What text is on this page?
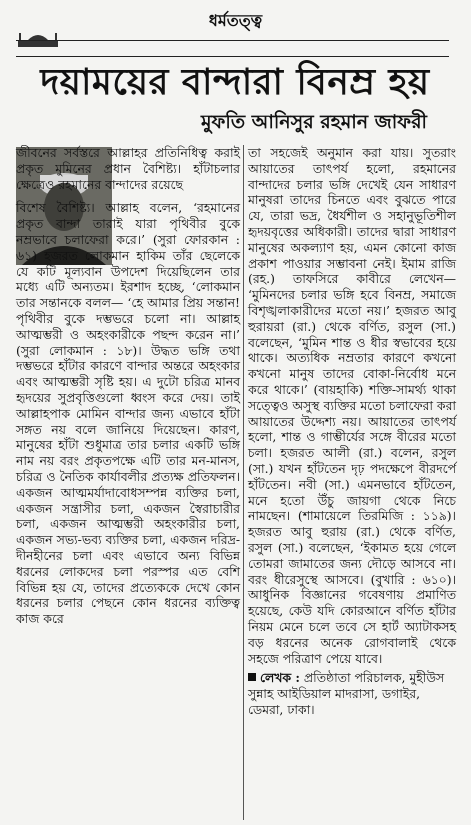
ধর্মতত্ত্ব
দয়াময়ের বান্দারা বিনম্র হয়
মুফতি আনিসুর রহমান জাফরী

জীবনের সর্বস্তরে আল্লাহর প্রতিনিধিত্ব করাই প্রকৃত মুমিনের প্রধান বৈশিষ্ট্য। হাঁটাচলার ক্ষেত্রেও রহমানের বান্দাদের রয়েছে

বিশেষ বৈশিষ্ট্য। আল্লাহ বলেন, ‘রহমানের প্রকৃত বান্দা তারাই যারা পৃথিবীর বুকে নম্রভাবে চলাফেরা করে।’ (সুরা ফোরকান : ৬১) হজরত লোকমান হাকিম তাঁর ছেলেকে যে কটি মূল্যবান উপদেশ দিয়েছিলেন তার মধ্যে এটি অন্যতম। ইরশাদ হচ্ছে, ‘লোকমান তার সন্তানকে বলল— ‘হে আমার প্রিয় সন্তান! পৃথিবীর বুকে দম্ভভরে চলো না। আল্লাহ আত্মম্ভরী ও অহংকারীকে পছন্দ করেন না।’ (সুরা লোকমান : ১৮)। উদ্ধত ভঙ্গি তথা দম্ভভরে হাঁটার কারণে বান্দার অন্তরে অহংকার এবং আত্মম্ভরী সৃষ্টি হয়। এ দুটো চরিত্র মানব হৃদয়ের সুপ্রবৃত্তিগুলো ধ্বংস করে দেয়। তাই আল্লাহপাক মোমিন বান্দার জন্য এভাবে হাঁটা সঙ্গত নয় বলে জানিয়ে দিয়েছেন। কারণ, মানুষের হাঁটা শুধুমাত্র তার চলার একটি ভঙ্গি নাম নয় বরং প্রকৃতপক্ষে এটি তার মন-মানস, চরিত্র ও নৈতিক কার্যাবলীর প্রত্যক্ষ প্রতিফলন। একজন আত্মমর্যাদাবোধসম্পন্ন ব্যক্তির চলা, একজন সন্ত্রাসীর চলা, একজন স্বৈরাচারীর চলা, একজন আত্মম্ভরী অহংকারীর চলা, একজন সভ্য-ভব্য ব্যক্তির চলা, একজন দরিদ্র-দীনহীনের চলা এবং এভাবে অন্য বিভিন্ন ধরনের লোকদের চলা পরস্পর এত বেশি বিভিন্ন হয় যে, তাদের প্রত্যেককে দেখে কোন ধরনের চলার পেছনে কোন ধরনের ব্যক্তিত্ব কাজ করে

তা সহজেই অনুমান করা যায়। সুতরাং আয়াতের তাৎপর্য হলো, রহমানের বান্দাদের চলার ভঙ্গি দেখেই যেন সাধারণ মানুষরা তাদের চিনতে এবং বুঝতে পারে যে, তারা ভদ্র, ধৈর্যশীল ও সহানুভূতিশীল হৃদয়বৃত্তের অধিকারী। তাদের দ্বারা সাধারণ মানুষের অকল্যাণ হয়, এমন কোনো কাজ প্রকাশ পাওয়ার সম্ভাবনা নেই। ইমাম রাজি (রহ.) তাফসিরে কাবীরে লেখেন— ‘মুমিনদের চলার ভঙ্গি হবে বিনম্র, সমাজে বিশৃঙ্খলাকারীদের মতো নয়।’ হজরত আবু হুরায়রা (রা.) থেকে বর্ণিত, রসুল (সা.) বলেছেন, ‘মুমিন শান্ত ও ধীর স্বভাবের হয়ে থাকে। অত্যধিক নম্রতার কারণে কখনো কখনো মানুষ তাদের বোকা-নির্বোধ মনে করে থাকে।’ (বায়হাকি) শক্তি-সামর্থ্য থাকা সত্ত্বেও অসুস্থ ব্যক্তির মতো চলাফেরা করা আয়াতের উদ্দেশ্য নয়। আয়াতের তাৎপর্য হলো, শান্ত ও গাম্ভীর্যের সঙ্গে বীরের মতো চলা। হজরত আলী (রা.) বলেন, রসুল (সা.) যখন হাঁটতেন দৃঢ় পদক্ষেপে বীরদর্পে হাঁটতেন। নবী (সা.) এমনভাবে হাঁটতেন, মনে হতো উঁচু জায়গা থেকে নিচে নামছেন। (শামায়েলে তিরমিজি : ১১৯)। হজরত আবু হুরায় (রা.) থেকে বর্ণিত, রসুল (সা.) বলেছেন, ‘ইকামত হয়ে গেলে তোমরা জামাতের জন্য দৌড়ে আসবে না। বরং ধীরেসুস্থে আসবে। (বুখারি : ৬১০)। আধুনিক বিজ্ঞানের গবেষণায় প্রমাণিত হয়েছে, কেউ যদি কোরআনে বর্ণিত হাঁটার নিয়ম মেনে চলে তবে সে হার্ট অ্যাটাকসহ বড় ধরনের অনেক রোগবালাই থেকে সহজে পরিত্রাণ পেয়ে যাবে।

লেখক : প্রতিষ্ঠাতা পরিচালক, মুহীউস সুন্নাহ আইডিয়াল মাদরাসা, ডগাইর, ডেমরা, ঢাকা।
